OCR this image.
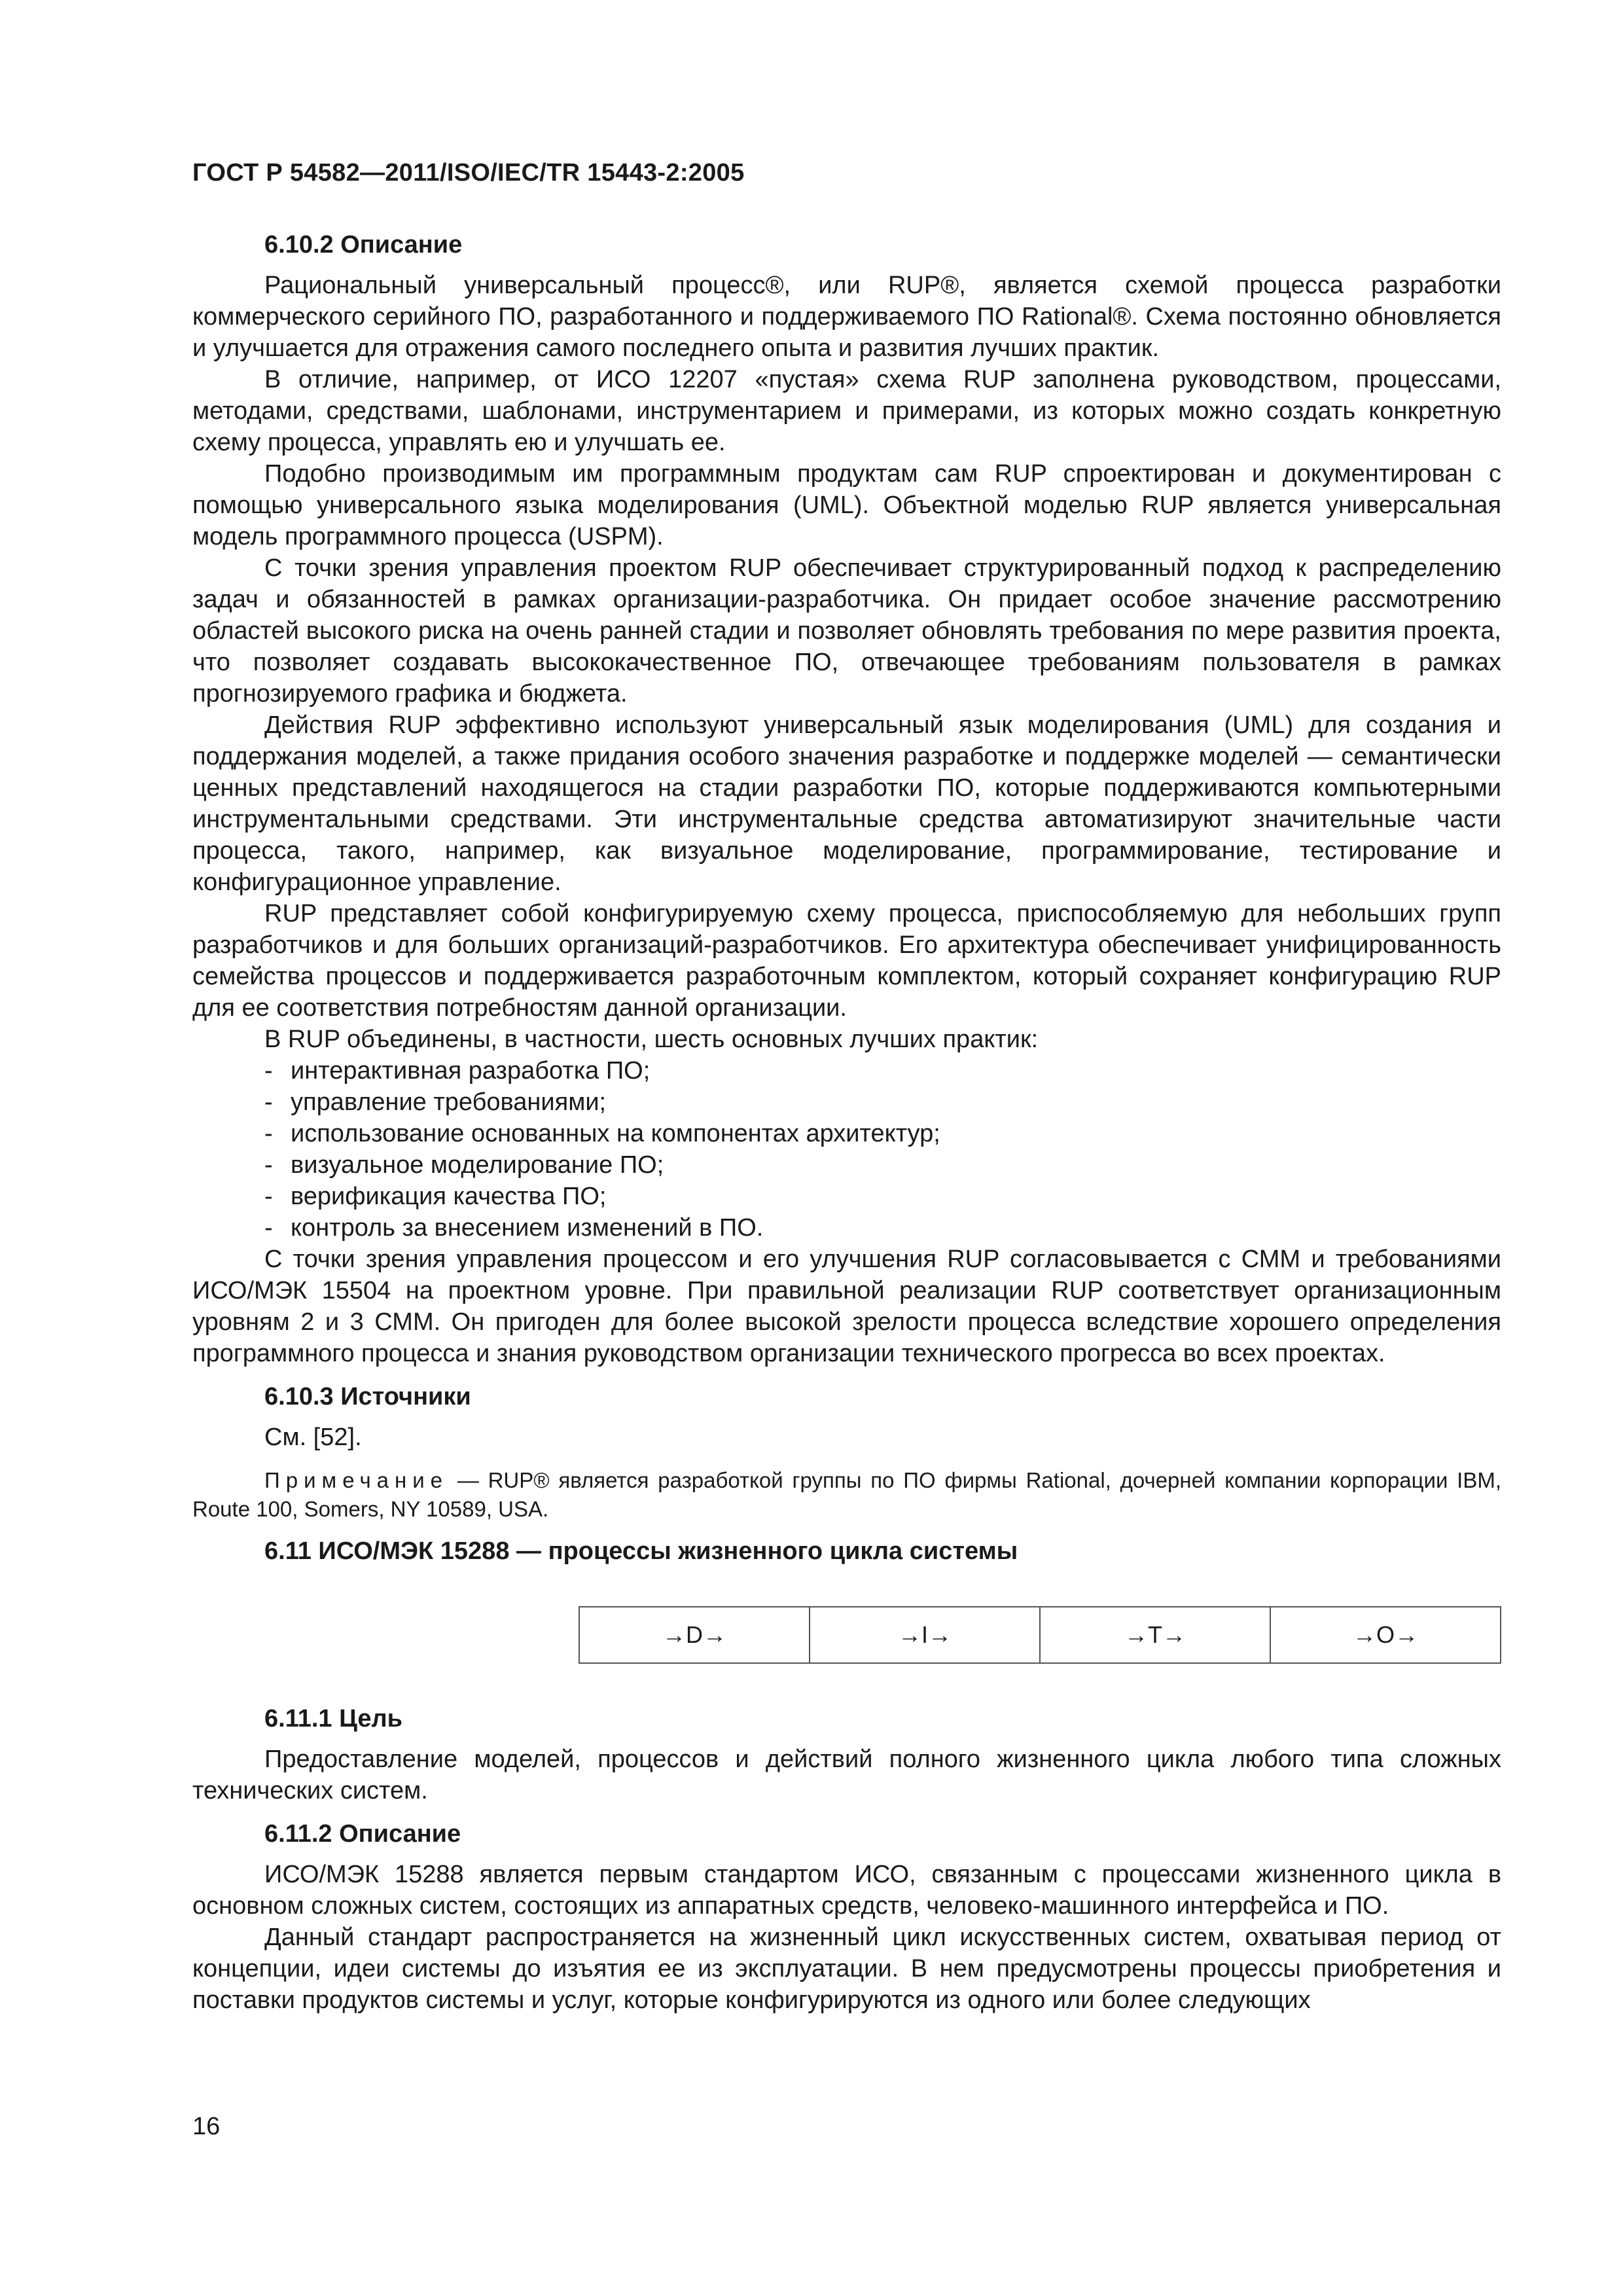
ГОСТ Р 54582—2011/ISO/IEC/TR 15443-2:2005
6.10.2 Описание

Рациональный универсальный процесс®, или RUP®, является схемой процесса разработки коммерческого серийного ПО, разработанного и поддерживаемого ПО Rational®. Схема постоянно обновляется и улучшается для отражения самого последнего опыта и развития лучших практик.

В отличие, например, от ИСО 12207 «пустая» схема RUP заполнена руководством, процессами, методами, средствами, шаблонами, инструментарием и примерами, из которых можно создать конкретную схему процесса, управлять ею и улучшать ее.

Подобно производимым им программным продуктам сам RUP спроектирован и документирован с помощью универсального языка моделирования (UML). Объектной моделью RUP является универсальная модель программного процесса (USPM).

С точки зрения управления проектом RUP обеспечивает структурированный подход к распределению задач и обязанностей в рамках организации-разработчика. Он придает особое значение рассмотрению областей высокого риска на очень ранней стадии и позволяет обновлять требования по мере развития проекта, что позволяет создавать высококачественное ПО, отвечающее требованиям пользователя в рамках прогнозируемого графика и бюджета.

Действия RUP эффективно используют универсальный язык моделирования (UML) для создания и поддержания моделей, а также придания особого значения разработке и поддержке моделей — семантически ценных представлений находящегося на стадии разработки ПО, которые поддерживаются компьютерными инструментальными средствами. Эти инструментальные средства автоматизируют значительные части процесса, такого, например, как визуальное моделирование, программирование, тестирование и конфигурационное управление.

RUP представляет собой конфигурируемую схему процесса, приспособляемую для небольших групп разработчиков и для больших организаций-разработчиков. Его архитектура обеспечивает унифицированность семейства процессов и поддерживается разработочным комплектом, который сохраняет конфигурацию RUP для ее соответствия потребностям данной организации.

В RUP объединены, в частности, шесть основных лучших практик:

- интерактивная разработка ПО;
- управление требованиями;
- использование основанных на компонентах архитектур;
- визуальное моделирование ПО;
- верификация качества ПО;
- контроль за внесением изменений в ПО.

С точки зрения управления процессом и его улучшения RUP согласовывается с СММ и требованиями ИСО/МЭК 15504 на проектном уровне. При правильной реализации RUP соответствует организационным уровням 2 и 3 СММ. Он пригоден для более высокой зрелости процесса вследствие хорошего определения программного процесса и знания руководством организации технического прогресса во всех проектах.

6.10.3 Источники

См. [52].

Примечание — RUP® является разработкой группы по ПО фирмы Rational, дочерней компании корпорации IBM, Route 100, Somers, NY 10589, USA.

6.11 ИСО/МЭК 15288 — процессы жизненного цикла системы
→D→	→I→	→T→	→O→
6.11.1 Цель

Предоставление моделей, процессов и действий полного жизненного цикла любого типа сложных технических систем.

6.11.2 Описание

ИСО/МЭК 15288 является первым стандартом ИСО, связанным с процессами жизненного цикла в основном сложных систем, состоящих из аппаратных средств, человеко-машинного интерфейса и ПО.

Данный стандарт распространяется на жизненный цикл искусственных систем, охватывая период от концепции, идеи системы до изъятия ее из эксплуатации. В нем предусмотрены процессы приобретения и поставки продуктов системы и услуг, которые конфигурируются из одного или более следующих

16
